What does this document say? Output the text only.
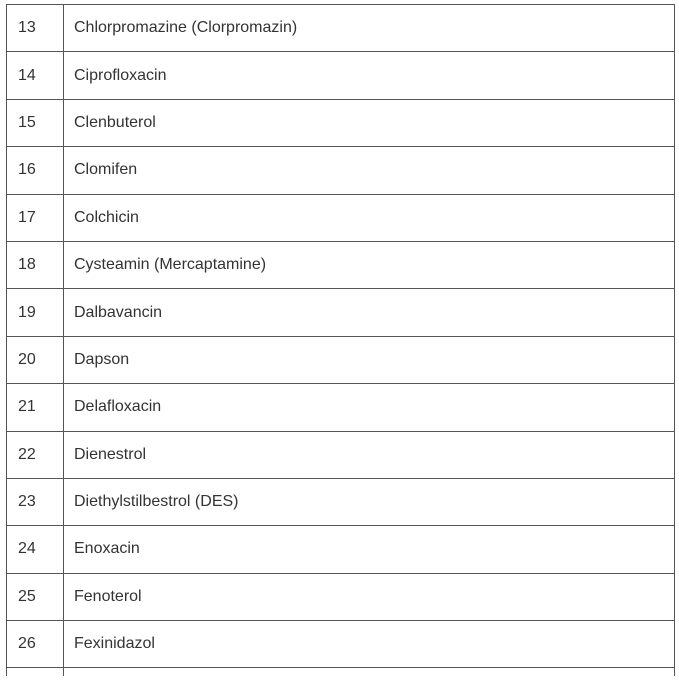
13	Chlorpromazine (Clorpromazin)
14	Ciprofloxacin
15	Clenbuterol
16	Clomifen
17	Colchicin
18	Cysteamin (Mercaptamine)
19	Dalbavancin
20	Dapson
21	Delafloxacin
22	Dienestrol
23	Diethylstilbestrol (DES)
24	Enoxacin
25	Fenoterol
26	Fexinidazol
